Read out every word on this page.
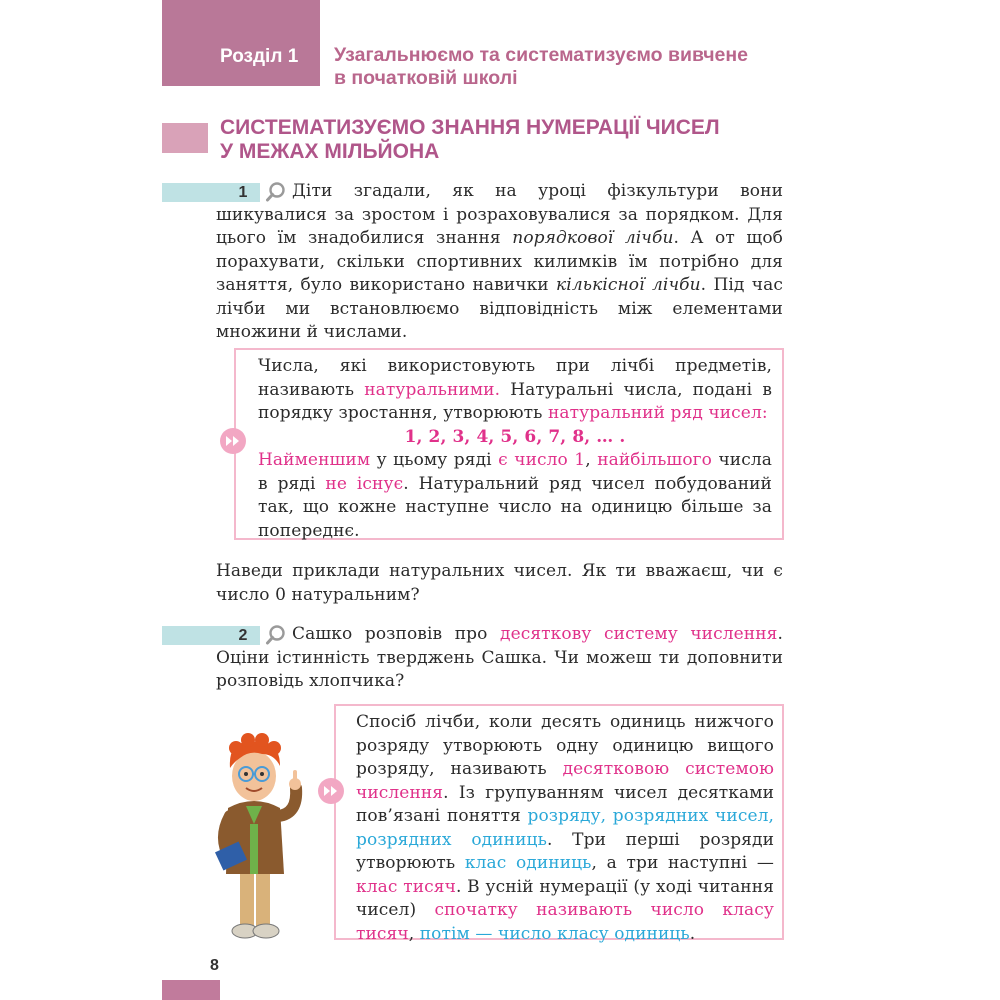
Розділ 1 Узагальнюємо та систематизуємо вивчене
в початковій школі
СИСТЕМАТИЗУЄМО ЗНАННЯ НУМЕРАЦІЇ ЧИСЕЛ
У МЕЖАХ МІЛЬЙОНА
1	Діти згадали, як на уроці фізкультури вони шикувалися за зростом і розраховувалися за порядком. Для цього їм знадобилися знання порядкової лічби. А от щоб порахувати, скільки спортивних килимків їм потрібно для заняття, було використано навички кількісної лічби. Під час лічби ми встановлюємо відповідність між елементами множини й числами.
Числа, які використовують при лічбі предметів, називають натуральними. Натуральні числа, подані в порядку зростання, утворюють натуральний ряд чисел:
1, 2, 3, 4, 5, 6, 7, 8, … .
Найменшим у цьому ряді є число 1, найбільшого числа в ряді не існує. Натуральний ряд чисел побудований так, що кожне наступне число на одиницю більше за попереднє.
Наведи приклади натуральних чисел. Як ти вважаєш, чи є число 0 натуральним?
2	Сашко розповів про десяткову систему числення. Оціни істинність тверджень Сашка. Чи можеш ти доповнити розповідь хлопчика?
Спосіб лічби, коли десять одиниць нижчого розряду утворюють одну одиницю вищого розряду, називають десятковою системою числення. Із групуванням чисел десятками пов’язані поняття розряду, розрядних чисел, розрядних одиниць. Три перші розряди утворюють клас одиниць, а три наступні — клас тисяч. В усній нумерації (у ході читання чисел) спочатку називають число класу тисяч, потім — число класу одиниць.
8
